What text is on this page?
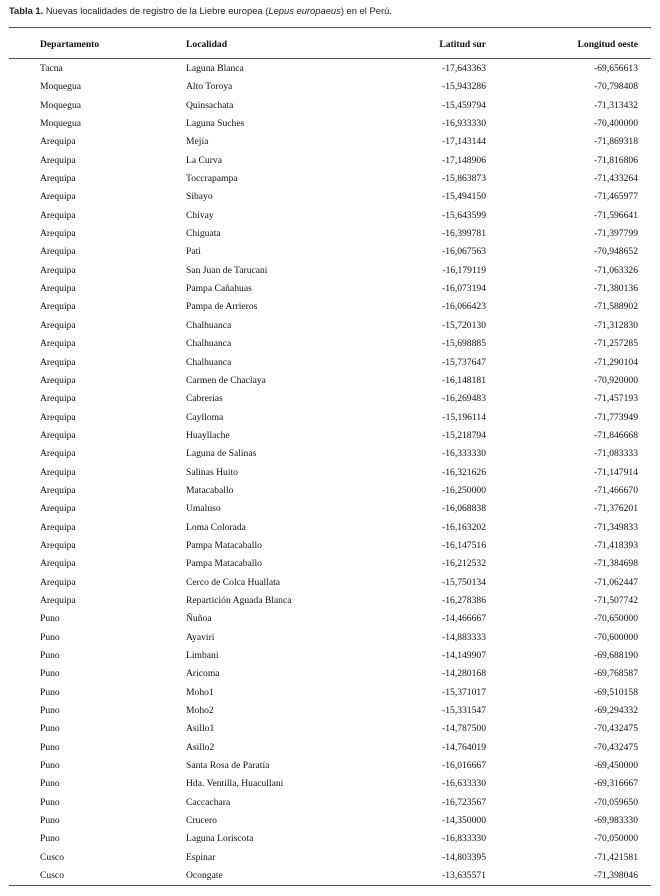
Tabla 1. Nuevas localidades de registro de la Liebre europea (Lepus europaeus) en el Perú.
Departamento	Localidad	Latitud sur	Longitud oeste
Tacna	Laguna Blanca	-17,643363	-69,656613
Moquegua	Alto Toroya	-15,943286	-70,798408
Moquegua	Quinsachata	-15,459794	-71,313432
Moquegua	Laguna Suches	-16,933330	-70,400000
Arequipa	Mejía	-17,143144	-71,869318
Arequipa	La Curva	-17,148906	-71,816806
Arequipa	Toccrapampa	-15,863873	-71,433264
Arequipa	Sibayo	-15,494150	-71,465977
Arequipa	Chivay	-15,643599	-71,596641
Arequipa	Chiguata	-16,399781	-71,397799
Arequipa	Pati	-16,067563	-70,948652
Arequipa	San Juan de Tarucani	-16,179119	-71,063326
Arequipa	Pampa Cañahuas	-16,073194	-71,380136
Arequipa	Pampa de Arrieros	-16,066423	-71,588902
Arequipa	Chalhuanca	-15,720130	-71,312830
Arequipa	Chalhuanca	-15,698885	-71,257285
Arequipa	Chalhuanca	-15,737647	-71,290104
Arequipa	Carmen de Chaclaya	-16,148181	-70,920000
Arequipa	Cabrerías	-16,269483	-71,457193
Arequipa	Caylloma	-15,196114	-71,773949
Arequipa	Huayllache	-15,218794	-71,846668
Arequipa	Laguna de Salinas	-16,333330	-71,083333
Arequipa	Salinas Huito	-16,321626	-71,147914
Arequipa	Matacaballo	-16,250000	-71,466670
Arequipa	Umaluso	-16,068838	-71,376201
Arequipa	Loma Colorada	-16,163202	-71,349833
Arequipa	Pampa Matacaballo	-16,147516	-71,418393
Arequipa	Pampa Matacaballo	-16,212532	-71,384698
Arequipa	Cerco de Colca Huallata	-15,750134	-71,062447
Arequipa	Repartición Aguada Blanca	-16,278386	-71,507742
Puno	Ñuñoa	-14,466667	-70,650000
Puno	Ayaviri	-14,883333	-70,600000
Puno	Limbani	-14,149907	-69,688190
Puno	Aricoma	-14,280168	-69,768587
Puno	Moho1	-15,371017	-69,510158
Puno	Moho2	-15,331547	-69,294332
Puno	Asillo1	-14,787500	-70,432475
Puno	Asillo2	-14,764019	-70,432475
Puno	Santa Rosa de Paratía	-16,016667	-69,450000
Puno	Hda. Ventilla, Huacullani	-16,633330	-69,316667
Puno	Caccachara	-16,723567	-70,059650
Puno	Crucero	-14,350000	-69,983330
Puno	Laguna Loriscota	-16,833330	-70,050000
Cusco	Espinar	-14,803395	-71,421581
Cusco	Ocongate	-13,635571	-71,398046
